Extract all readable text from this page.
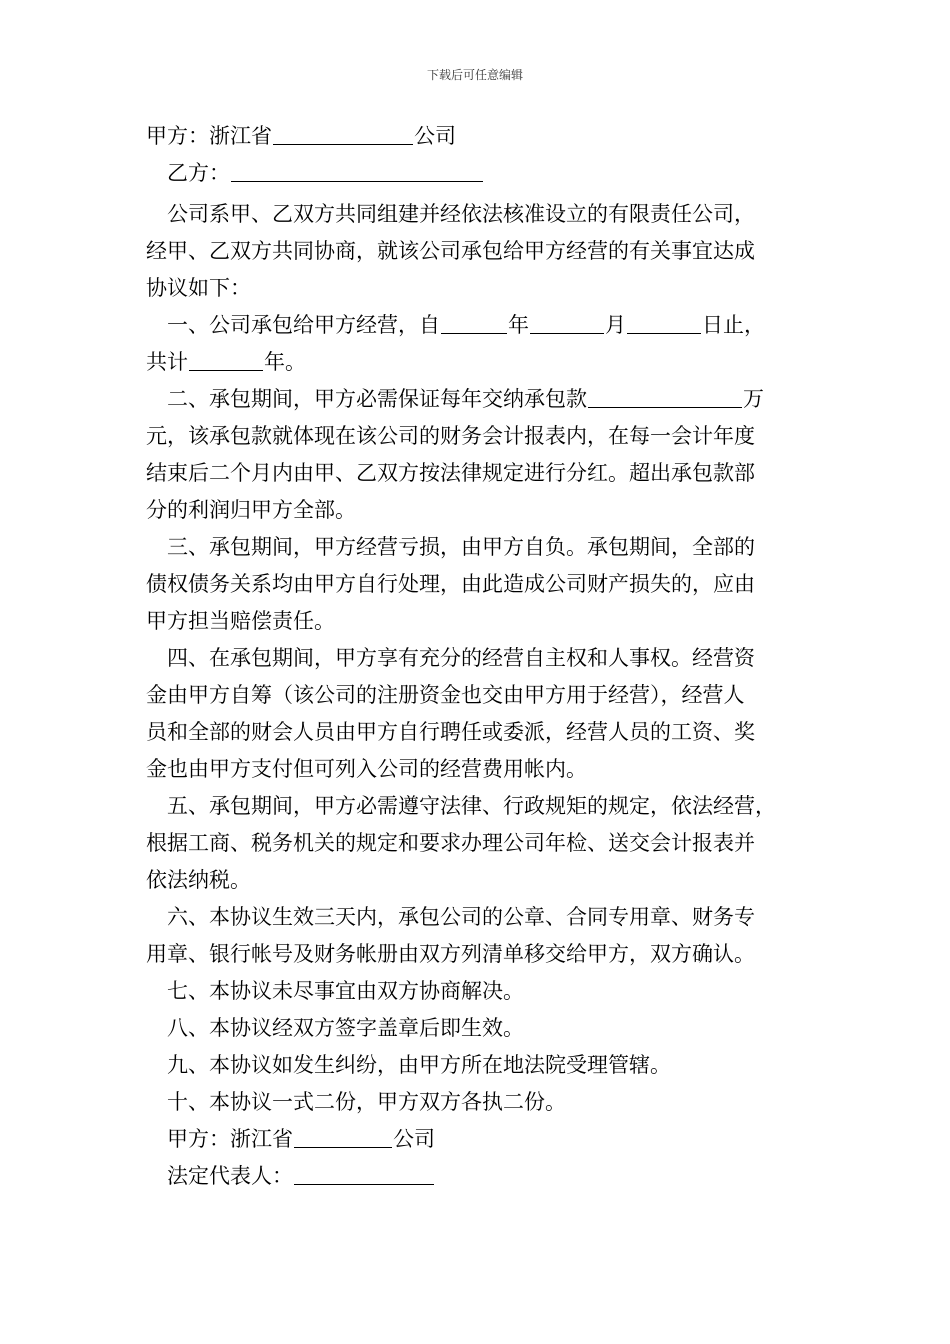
下载后可任意编辑
甲方：浙江省	公司
乙方：
公司系甲、乙双方共同组建并经依法核准设立的有限责任公司，
经甲、乙双方共同协商，就该公司承包给甲方经营的有关事宜达成
协议如下：
一、公司承包给甲方经营，自	年	月	日止，
共计	年。
二、承包期间，甲方必需保证每年交纳承包款	万
元，该承包款就体现在该公司的财务会计报表内，在每一会计年度
结束后二个月内由甲、乙双方按法律规定进行分红。超出承包款部
分的利润归甲方全部。
三、承包期间，甲方经营亏损，由甲方自负。承包期间，全部的
债权债务关系均由甲方自行处理，由此造成公司财产损失的，应由
甲方担当赔偿责任。
四、在承包期间，甲方享有充分的经营自主权和人事权。经营资
金由甲方自筹（该公司的注册资金也交由甲方用于经营），经营人
员和全部的财会人员由甲方自行聘任或委派，经营人员的工资、奖
金也由甲方支付但可列入公司的经营费用帐内。
五、承包期间，甲方必需遵守法律、行政规矩的规定，依法经营，
根据工商、税务机关的规定和要求办理公司年检、送交会计报表并
依法纳税。
六、本协议生效三天内，承包公司的公章、合同专用章、财务专
用章、银行帐号及财务帐册由双方列清单移交给甲方，双方确认。
七、本协议未尽事宜由双方协商解决。
八、本协议经双方签字盖章后即生效。
九、本协议如发生纠纷，由甲方所在地法院受理管辖。
十、本协议一式二份，甲方双方各执二份。
甲方：浙江省	公司
法定代表人：
